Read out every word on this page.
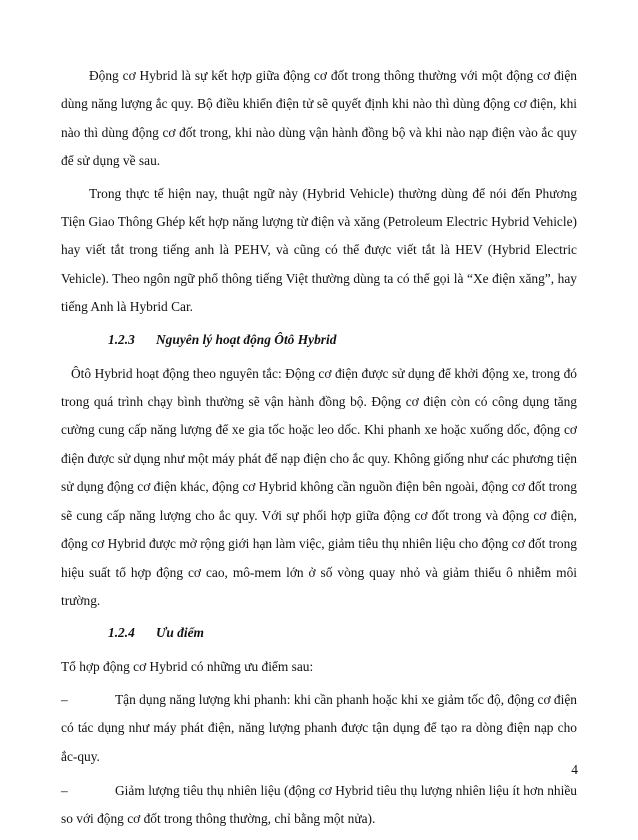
Động cơ Hybrid là sự kết hợp giữa động cơ đốt trong thông thường với một động cơ điện dùng năng lượng ắc quy. Bộ điều khiển điện tử sẽ quyết định khi nào thì dùng động cơ điện, khi nào thì dùng động cơ đốt trong, khi nào dùng vận hành đồng bộ và khi nào nạp điện vào ắc quy để sử dụng về sau.

Trong thực tế hiện nay, thuật ngữ này (Hybrid Vehicle) thường dùng để nói đến Phương Tiện Giao Thông Ghép kết hợp năng lượng từ điện và xăng (Petroleum Electric Hybrid Vehicle) hay viết tắt trong tiếng anh là PEHV, và cũng có thể được viết tắt là HEV (Hybrid Electric Vehicle). Theo ngôn ngữ phổ thông tiếng Việt thường dùng ta có thể gọi là “Xe điện xăng”, hay tiếng Anh là Hybrid Car.

1.2.3 Nguyên lý hoạt động Ôtô Hybrid

Ôtô Hybrid hoạt động theo nguyên tắc: Động cơ điện được sử dụng để khởi động xe, trong đó trong quá trình chạy bình thường sẽ vận hành đồng bộ. Động cơ điện còn có công dụng tăng cường cung cấp năng lượng để xe gia tốc hoặc leo dốc. Khi phanh xe hoặc xuống dốc, động cơ điện được sử dụng như một máy phát để nạp điện cho ắc quy. Không giống như các phương tiện sử dụng động cơ điện khác, động cơ Hybrid không cần nguồn điện bên ngoài, động cơ đốt trong sẽ cung cấp năng lượng cho ắc quy. Với sự phối hợp giữa động cơ đốt trong và động cơ điện, động cơ Hybrid được mở rộng giới hạn làm việc, giảm tiêu thụ nhiên liệu cho động cơ đốt trong hiệu suất tổ hợp động cơ cao, mô-mem lớn ở số vòng quay nhỏ và giảm thiểu ô nhiễm môi trường.

1.2.4 Ưu điểm

Tổ hợp động cơ Hybrid có những ưu điểm sau:

–	Tận dụng năng lượng khi phanh: khi cần phanh hoặc khi xe giảm tốc độ, động cơ điện có tác dụng như máy phát điện, năng lượng phanh được tận dụng để tạo ra dòng điện nạp cho ắc-quy.

–	Giảm lượng tiêu thụ nhiên liệu (động cơ Hybrid tiêu thụ lượng nhiên liệu ít hơn nhiều so với động cơ đốt trong thông thường, chỉ bằng một nửa).

4
